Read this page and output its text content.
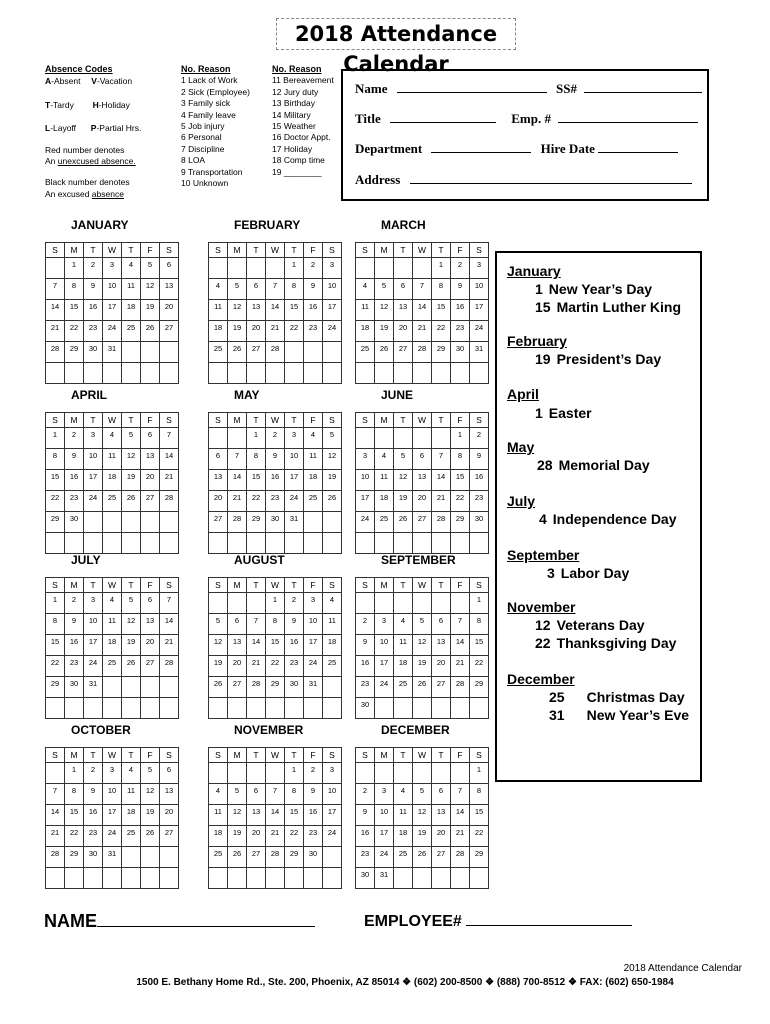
2018 Attendance Calendar
Absence Codes
A-Absent V-Vacation
T-Tardy H-Holiday
L-Layoff P-Partial Hrs.
Red number denotes
An unexcused absence.
Black number denotes
An excused absence
No. Reason
1 Lack of Work
2 Sick (Employee)
3 Family sick
4 Family leave
5 Job injury
6 Personal
7 Discipline
8 LOA
9 Transportation
10 Unknown
No. Reason
11 Bereavement
12 Jury duty
13 Birthday
14 Military
15 Weather
16 Doctor Appt.
17 Holiday
18 Comp time
19 ________
Name	SS#
Title	Emp. #
Department	Hire Date
Address
JANUARY
S	M	T	W	T	F	S
	1	2	3	4	5	6
7	8	9	10	11	12	13
14	15	16	17	18	19	20
21	22	23	24	25	26	27
28	29	30	31			

FEBRUARY
S	M	T	W	T	F	S
				1	2	3
4	5	6	7	8	9	10
11	12	13	14	15	16	17
18	19	20	21	22	23	24
25	26	27	28			

MARCH
S	M	T	W	T	F	S
				1	2	3
4	5	6	7	8	9	10
11	12	13	14	15	16	17
18	19	20	21	22	23	24
25	26	27	28	29	30	31

APRIL
S	M	T	W	T	F	S
1	2	3	4	5	6	7
8	9	10	11	12	13	14
15	16	17	18	19	20	21
22	23	24	25	26	27	28
29	30					

MAY
S	M	T	W	T	F	S
		1	2	3	4	5
6	7	8	9	10	11	12
13	14	15	16	17	18	19
20	21	22	23	24	25	26
27	28	29	30	31		

JUNE
S	M	T	W	T	F	S
					1	2
3	4	5	6	7	8	9
10	11	12	13	14	15	16
17	18	19	20	21	22	23
24	25	26	27	28	29	30

JULY
S	M	T	W	T	F	S
1	2	3	4	5	6	7
8	9	10	11	12	13	14
15	16	17	18	19	20	21
22	23	24	25	26	27	28
29	30	31				

AUGUST
S	M	T	W	T	F	S
			1	2	3	4
5	6	7	8	9	10	11
12	13	14	15	16	17	18
19	20	21	22	23	24	25
26	27	28	29	30	31	

SEPTEMBER
S	M	T	W	T	F	S
						1
2	3	4	5	6	7	8
9	10	11	12	13	14	15
16	17	18	19	20	21	22
23	24	25	26	27	28	29
30						
OCTOBER
S	M	T	W	T	F	S
	1	2	3	4	5	6
7	8	9	10	11	12	13
14	15	16	17	18	19	20
21	22	23	24	25	26	27
28	29	30	31			

NOVEMBER
S	M	T	W	T	F	S
				1	2	3
4	5	6	7	8	9	10
11	12	13	14	15	16	17
18	19	20	21	22	23	24
25	26	27	28	29	30	

DECEMBER
S	M	T	W	T	F	S
						1
2	3	4	5	6	7	8
9	10	11	12	13	14	15
16	17	18	19	20	21	22
23	24	25	26	27	28	29
30	31					
January
1 New Year’s Day
15 Martin Luther King
February
19 President’s Day
April
1 Easter
May
28 Memorial Day
July
4 Independence Day
September
3 Labor Day
November
12 Veterans Day
22 Thanksgiving Day
December
25 Christmas Day
31 New Year’s Eve
NAME	EMPLOYEE#
2018 Attendance Calendar
1500 E. Bethany Home Rd., Ste. 200, Phoenix, AZ 85014 ❖ (602) 200-8500 ❖ (888) 700-8512 ❖ FAX: (602) 650-1984
